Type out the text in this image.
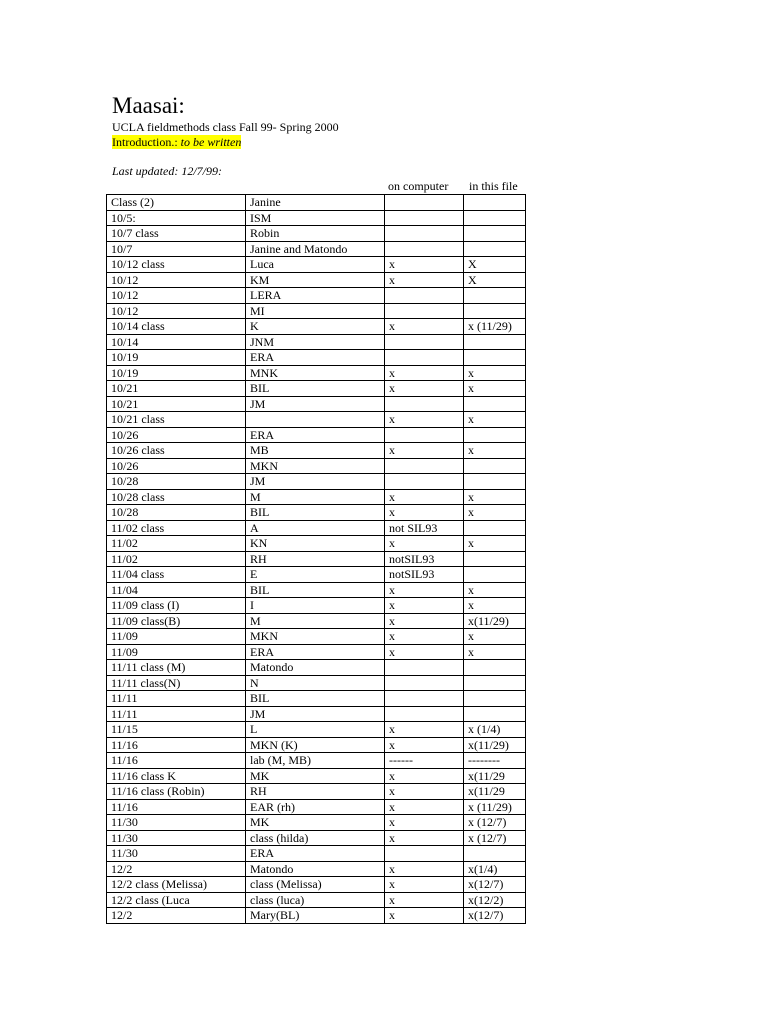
Maasai:
UCLA fieldmethods class Fall 99- Spring 2000
Introduction.: to be written
Last updated: 12/7/99:
on computer in this file
Class (2)	Janine		
10/5:	ISM		
10/7 class	Robin		
10/7	Janine and Matondo		
10/12 class	Luca	x	X
10/12	KM	x	X
10/12	LERA		
10/12	MI		
10/14 class	K	x	x (11/29)
10/14	JNM		
10/19	ERA		
10/19	MNK	x	x
10/21	BIL	x	x
10/21	JM		
10/21 class		x	x
10/26	ERA		
10/26 class	MB	x	x
10/26	MKN		
10/28	JM		
10/28 class	M	x	x
10/28	BIL	x	x
11/02 class	A	not SIL93	
11/02	KN	x	x
11/02	RH	notSIL93	
11/04 class	E	notSIL93	
11/04	BIL	x	x
11/09 class (I)	I	x	x
11/09 class(B)	M	x	x(11/29)
11/09	MKN	x	x
11/09	ERA	x	x
11/11 class (M)	Matondo		
11/11 class(N)	N		
11/11	BIL		
11/11	JM		
11/15	L	x	x (1/4)
11/16	MKN (K)	x	x(11/29)
11/16	lab (M, MB)	------	--------
11/16 class K	MK	x	x(11/29
11/16 class (Robin)	RH	x	x(11/29
11/16	EAR (rh)	x	x (11/29)
11/30	MK	x	x (12/7)
11/30	class (hilda)	x	x (12/7)
11/30	ERA		
12/2	Matondo	x	x(1/4)
12/2 class (Melissa)	class (Melissa)	x	x(12/7)
12/2 class (Luca	class (luca)	x	x(12/2)
12/2	Mary(BL)	x	x(12/7)
